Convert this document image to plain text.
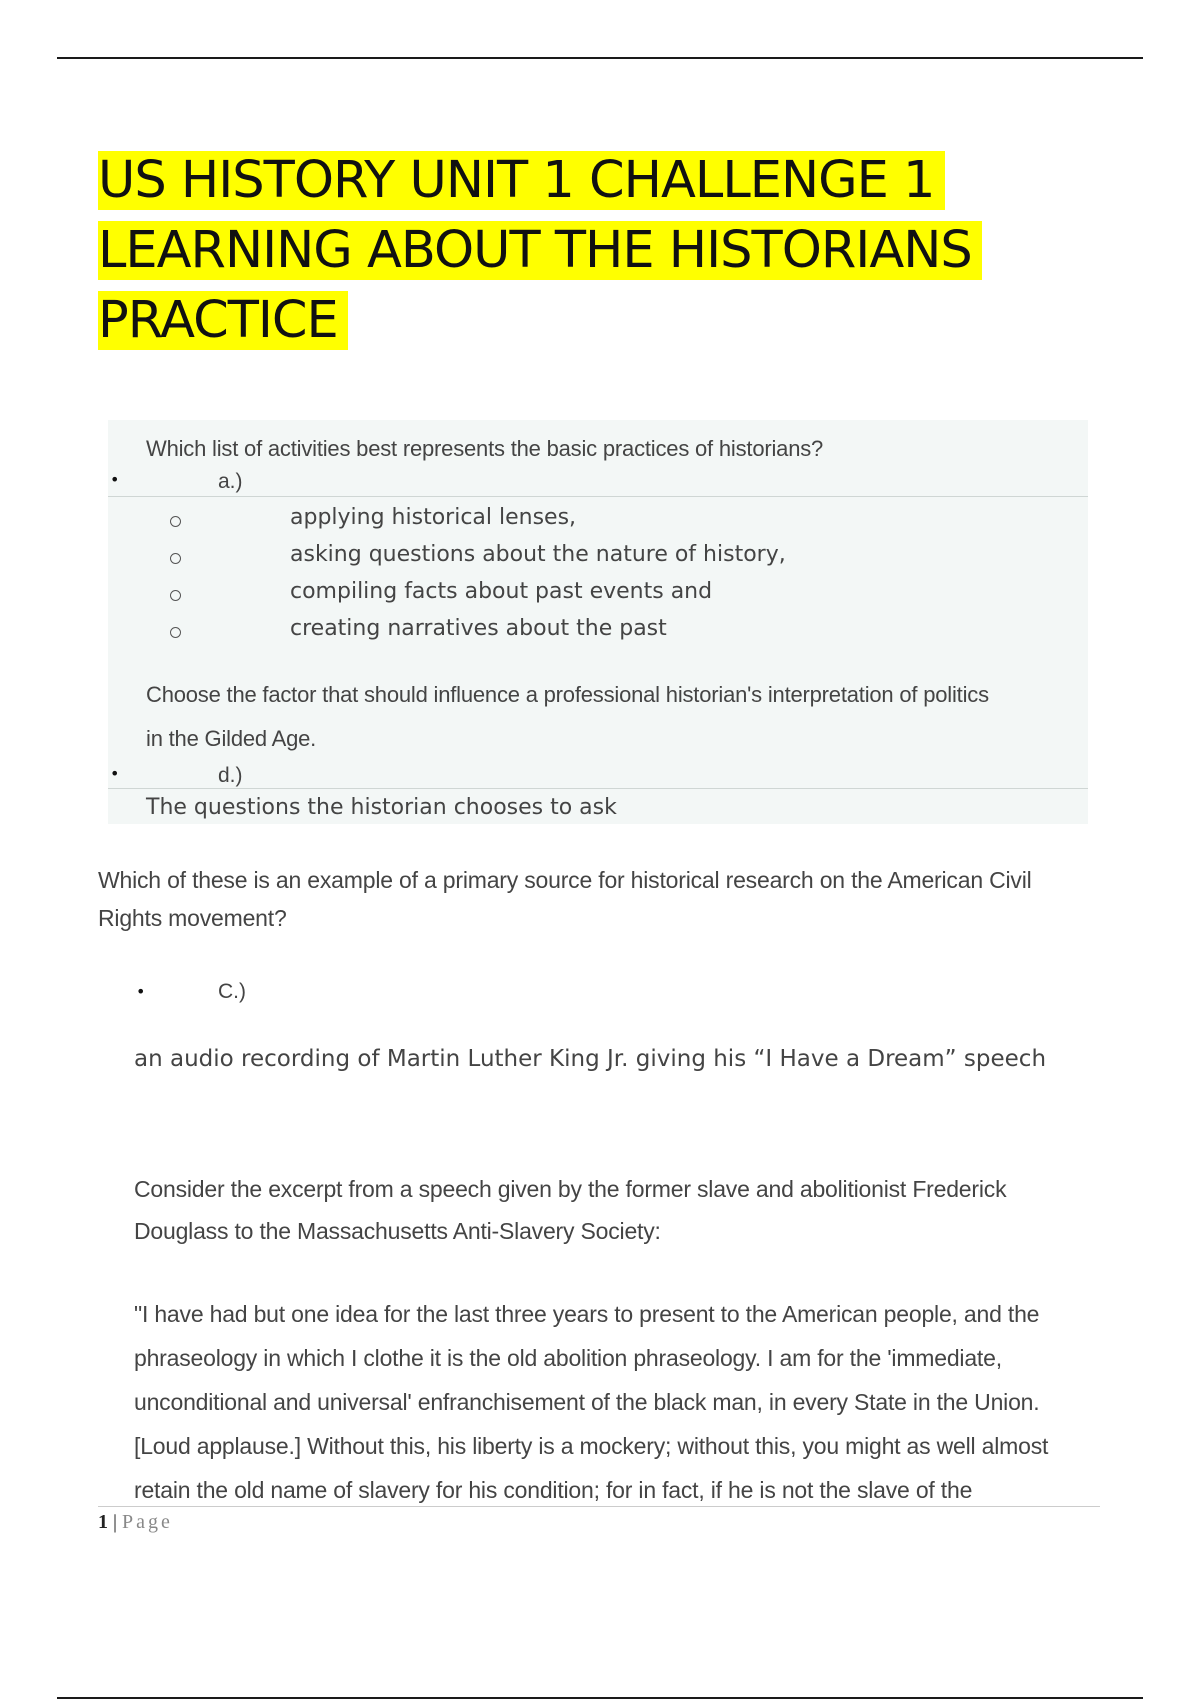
US HISTORY UNIT 1 CHALLENGE 1
LEARNING ABOUT THE HISTORIANS
PRACTICE
Which list of activities best represents the basic practices of historians?
•	a.)
applying historical lenses,
asking questions about the nature of history,
compiling facts about past events and
creating narratives about the past
Choose the factor that should influence a professional historian's interpretation of politics
in the Gilded Age.
•	d.)
The questions the historian chooses to ask
Which of these is an example of a primary source for historical research on the American Civil
Rights movement?
•	C.)
an audio recording of Martin Luther King Jr. giving his “I Have a Dream” speech
Consider the excerpt from a speech given by the former slave and abolitionist Frederick
Douglass to the Massachusetts Anti-Slavery Society:
"I have had but one idea for the last three years to present to the American people, and the
phraseology in which I clothe it is the old abolition phraseology. I am for the 'immediate,
unconditional and universal' enfranchisement of the black man, in every State in the Union.
[Loud applause.] Without this, his liberty is a mockery; without this, you might as well almost
retain the old name of slavery for his condition; for in fact, if he is not the slave of the
1 | Page
